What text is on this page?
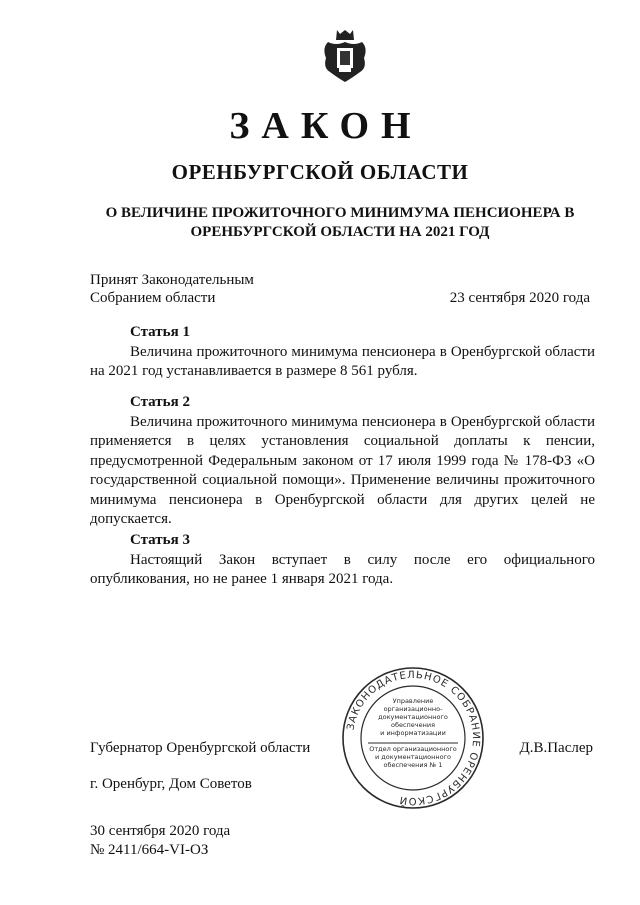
ЗАКОН
ОРЕНБУРГСКОЙ ОБЛАСТИ
О ВЕЛИЧИНЕ ПРОЖИТОЧНОГО МИНИМУМА ПЕНСИОНЕРА В
ОРЕНБУРГСКОЙ ОБЛАСТИ НА 2021 ГОД
Принят Законодательным
Собранием области	23 сентября 2020 года
Статья 1

Величина прожиточного минимума пенсионера в Оренбургской области на 2021 год устанавливается в размере 8 561 рубля.

Статья 2

Величина прожиточного минимума пенсионера в Оренбургской области применяется в целях установления социальной доплаты к пенсии, предусмотренной Федеральным законом от 17 июля 1999 года № 178-ФЗ «О государственной социальной помощи». Применение величины прожиточного минимума пенсионера в Оренбургской области для других целей не допускается.

Статья 3

Настоящий Закон вступает в силу после его официального опубликования, но не ранее 1 января 2021 года.

ЗАКОНОДАТЕЛЬНОЕ СОБРАНИЕ ОРЕНБУРГСКОЙ
Управление
организационно-
документационного
обеспечения
и информатизации
Отдел организационного
и документационного
обеспечения № 1
Губернатор Оренбургской области	Д.В.Паслер
г. Оренбург, Дом Советов
30 сентября 2020 года
№ 2411/664-VI-ОЗ
